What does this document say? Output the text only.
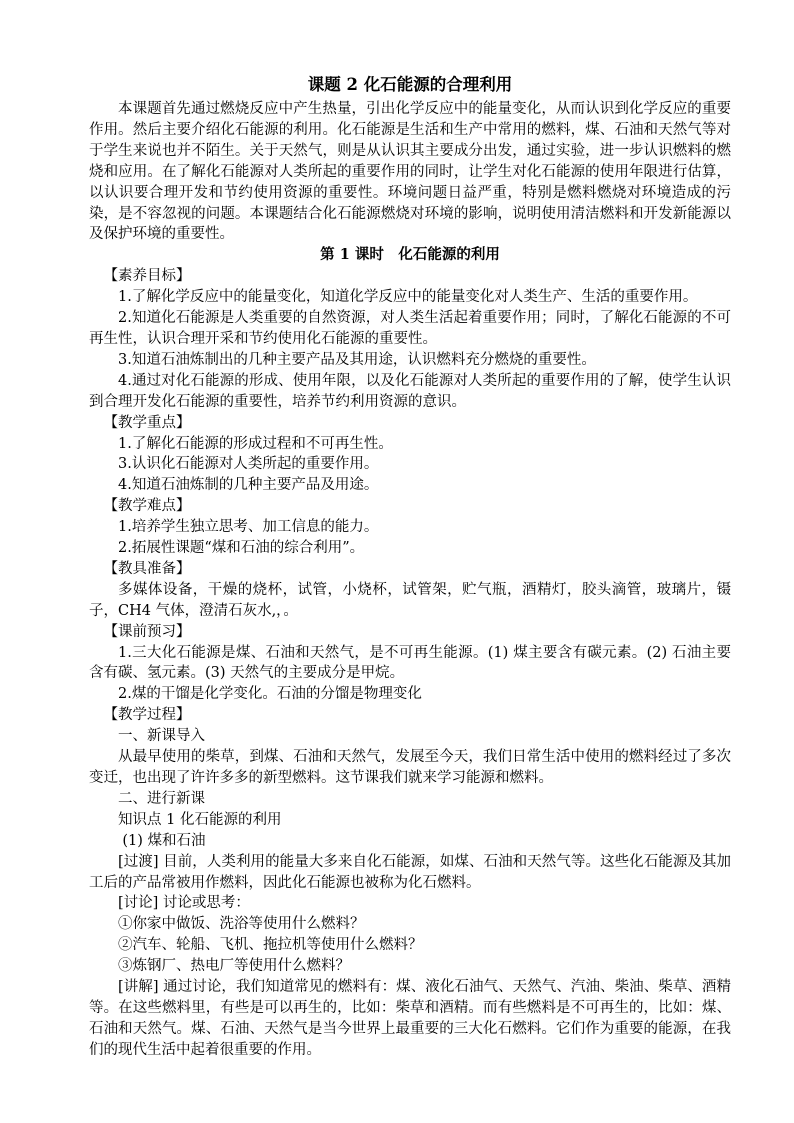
课题 2 化石能源的合理利用

本课题首先通过燃烧反应中产生热量，引出化学反应中的能量变化，从而认识到化学反应的重要作用。然后主要介绍化石能源的利用。化石能源是生活和生产中常用的燃料，煤、石油和天然气等对于学生来说也并不陌生。关于天然气，则是从认识其主要成分出发，通过实验，进一步认识燃料的燃烧和应用。在了解化石能源对人类所起的重要作用的同时，让学生对化石能源的使用年限进行估算，以认识要合理开发和节约使用资源的重要性。环境问题日益严重，特别是燃料燃烧对环境造成的污染，是不容忽视的问题。本课题结合化石能源燃烧对环境的影响，说明使用清洁燃料和开发新能源以及保护环境的重要性。

第 1 课时　化石能源的利用

【素养目标】

1.了解化学反应中的能量变化，知道化学反应中的能量变化对人类生产、生活的重要作用。

2.知道化石能源是人类重要的自然资源，对人类生活起着重要作用；同时，了解化石能源的不可再生性，认识合理开采和节约使用化石能源的重要性。

3.知道石油炼制出的几种主要产品及其用途，认识燃料充分燃烧的重要性。

4.通过对化石能源的形成、使用年限，以及化石能源对人类所起的重要作用的了解，使学生认识到合理开发化石能源的重要性，培养节约利用资源的意识。

【教学重点】

1.了解化石能源的形成过程和不可再生性。

3.认识化石能源对人类所起的重要作用。

4.知道石油炼制的几种主要产品及用途。

【教学难点】

1.培养学生独立思考、加工信息的能力。

2.拓展性课题“煤和石油的综合利用”。

【教具准备】

多媒体设备，干燥的烧杯，试管，小烧杯，试管架，贮气瓶，酒精灯，胶头滴管，玻璃片，镊子，CH4 气体，澄清石灰水,，。

【课前预习】

1.三大化石能源是煤、石油和天然气，是不可再生能源。(1) 煤主要含有碳元素。(2) 石油主要含有碳、氢元素。(3) 天然气的主要成分是甲烷。

2.煤的干馏是化学变化。石油的分馏是物理变化

【教学过程】

一、新课导入

从最早使用的柴草，到煤、石油和天然气，发展至今天，我们日常生活中使用的燃料经过了多次变迁，也出现了许许多多的新型燃料。这节课我们就来学习能源和燃料。

二、进行新课

知识点 1 化石能源的利用

(1) 煤和石油

[过渡] 目前，人类利用的能量大多来自化石能源，如煤、石油和天然气等。这些化石能源及其加工后的产品常被用作燃料，因此化石能源也被称为化石燃料。

[讨论] 讨论或思考：

①你家中做饭、洗浴等使用什么燃料？

②汽车、轮船、飞机、拖拉机等使用什么燃料？

③炼钢厂、热电厂等使用什么燃料？

[讲解] 通过讨论，我们知道常见的燃料有：煤、液化石油气、天然气、汽油、柴油、柴草、酒精等。在这些燃料里，有些是可以再生的，比如：柴草和酒精。而有些燃料是不可再生的，比如：煤、石油和天然气。煤、石油、天然气是当今世界上最重要的三大化石燃料。它们作为重要的能源，在我们的现代生活中起着很重要的作用。
